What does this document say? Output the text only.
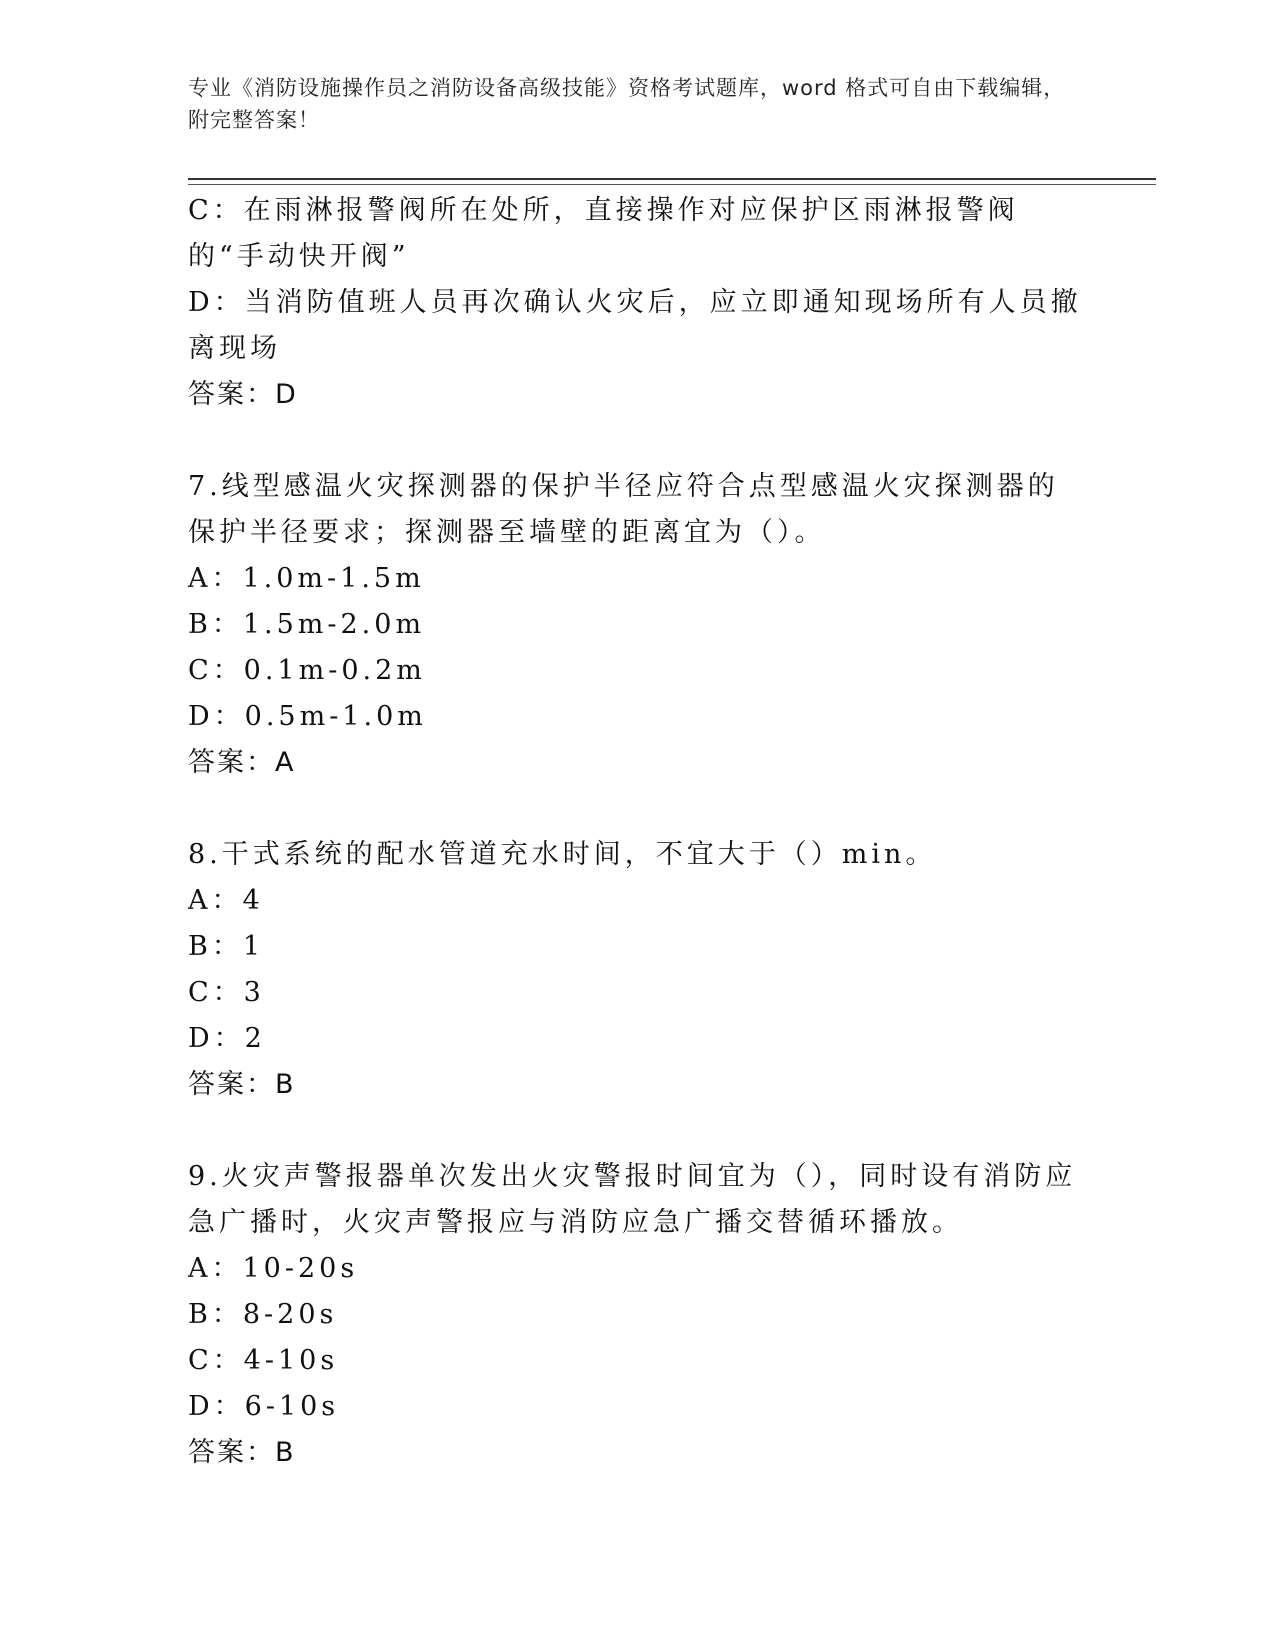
专业《消防设施操作员之消防设备高级技能》资格考试题库，word 格式可自由下载编辑，附完整答案！
C：在雨淋报警阀所在处所，直接操作对应保护区雨淋报警阀的“手动快开阀”
D：当消防值班人员再次确认火灾后，应立即通知现场所有人员撤离现场
答案：D
7.线型感温火灾探测器的保护半径应符合点型感温火灾探测器的保护半径要求；探测器至墙壁的距离宜为（）。
A：1.0m-1.5m
B：1.5m-2.0m
C：0.1m-0.2m
D：0.5m-1.0m
答案：A
8.干式系统的配水管道充水时间，不宜大于（）min。
A：4
B：1
C：3
D：2
答案：B
9.火灾声警报器单次发出火灾警报时间宜为（），同时设有消防应急广播时，火灾声警报应与消防应急广播交替循环播放。
A：10-20s
B：8-20s
C：4-10s
D：6-10s
答案：B
